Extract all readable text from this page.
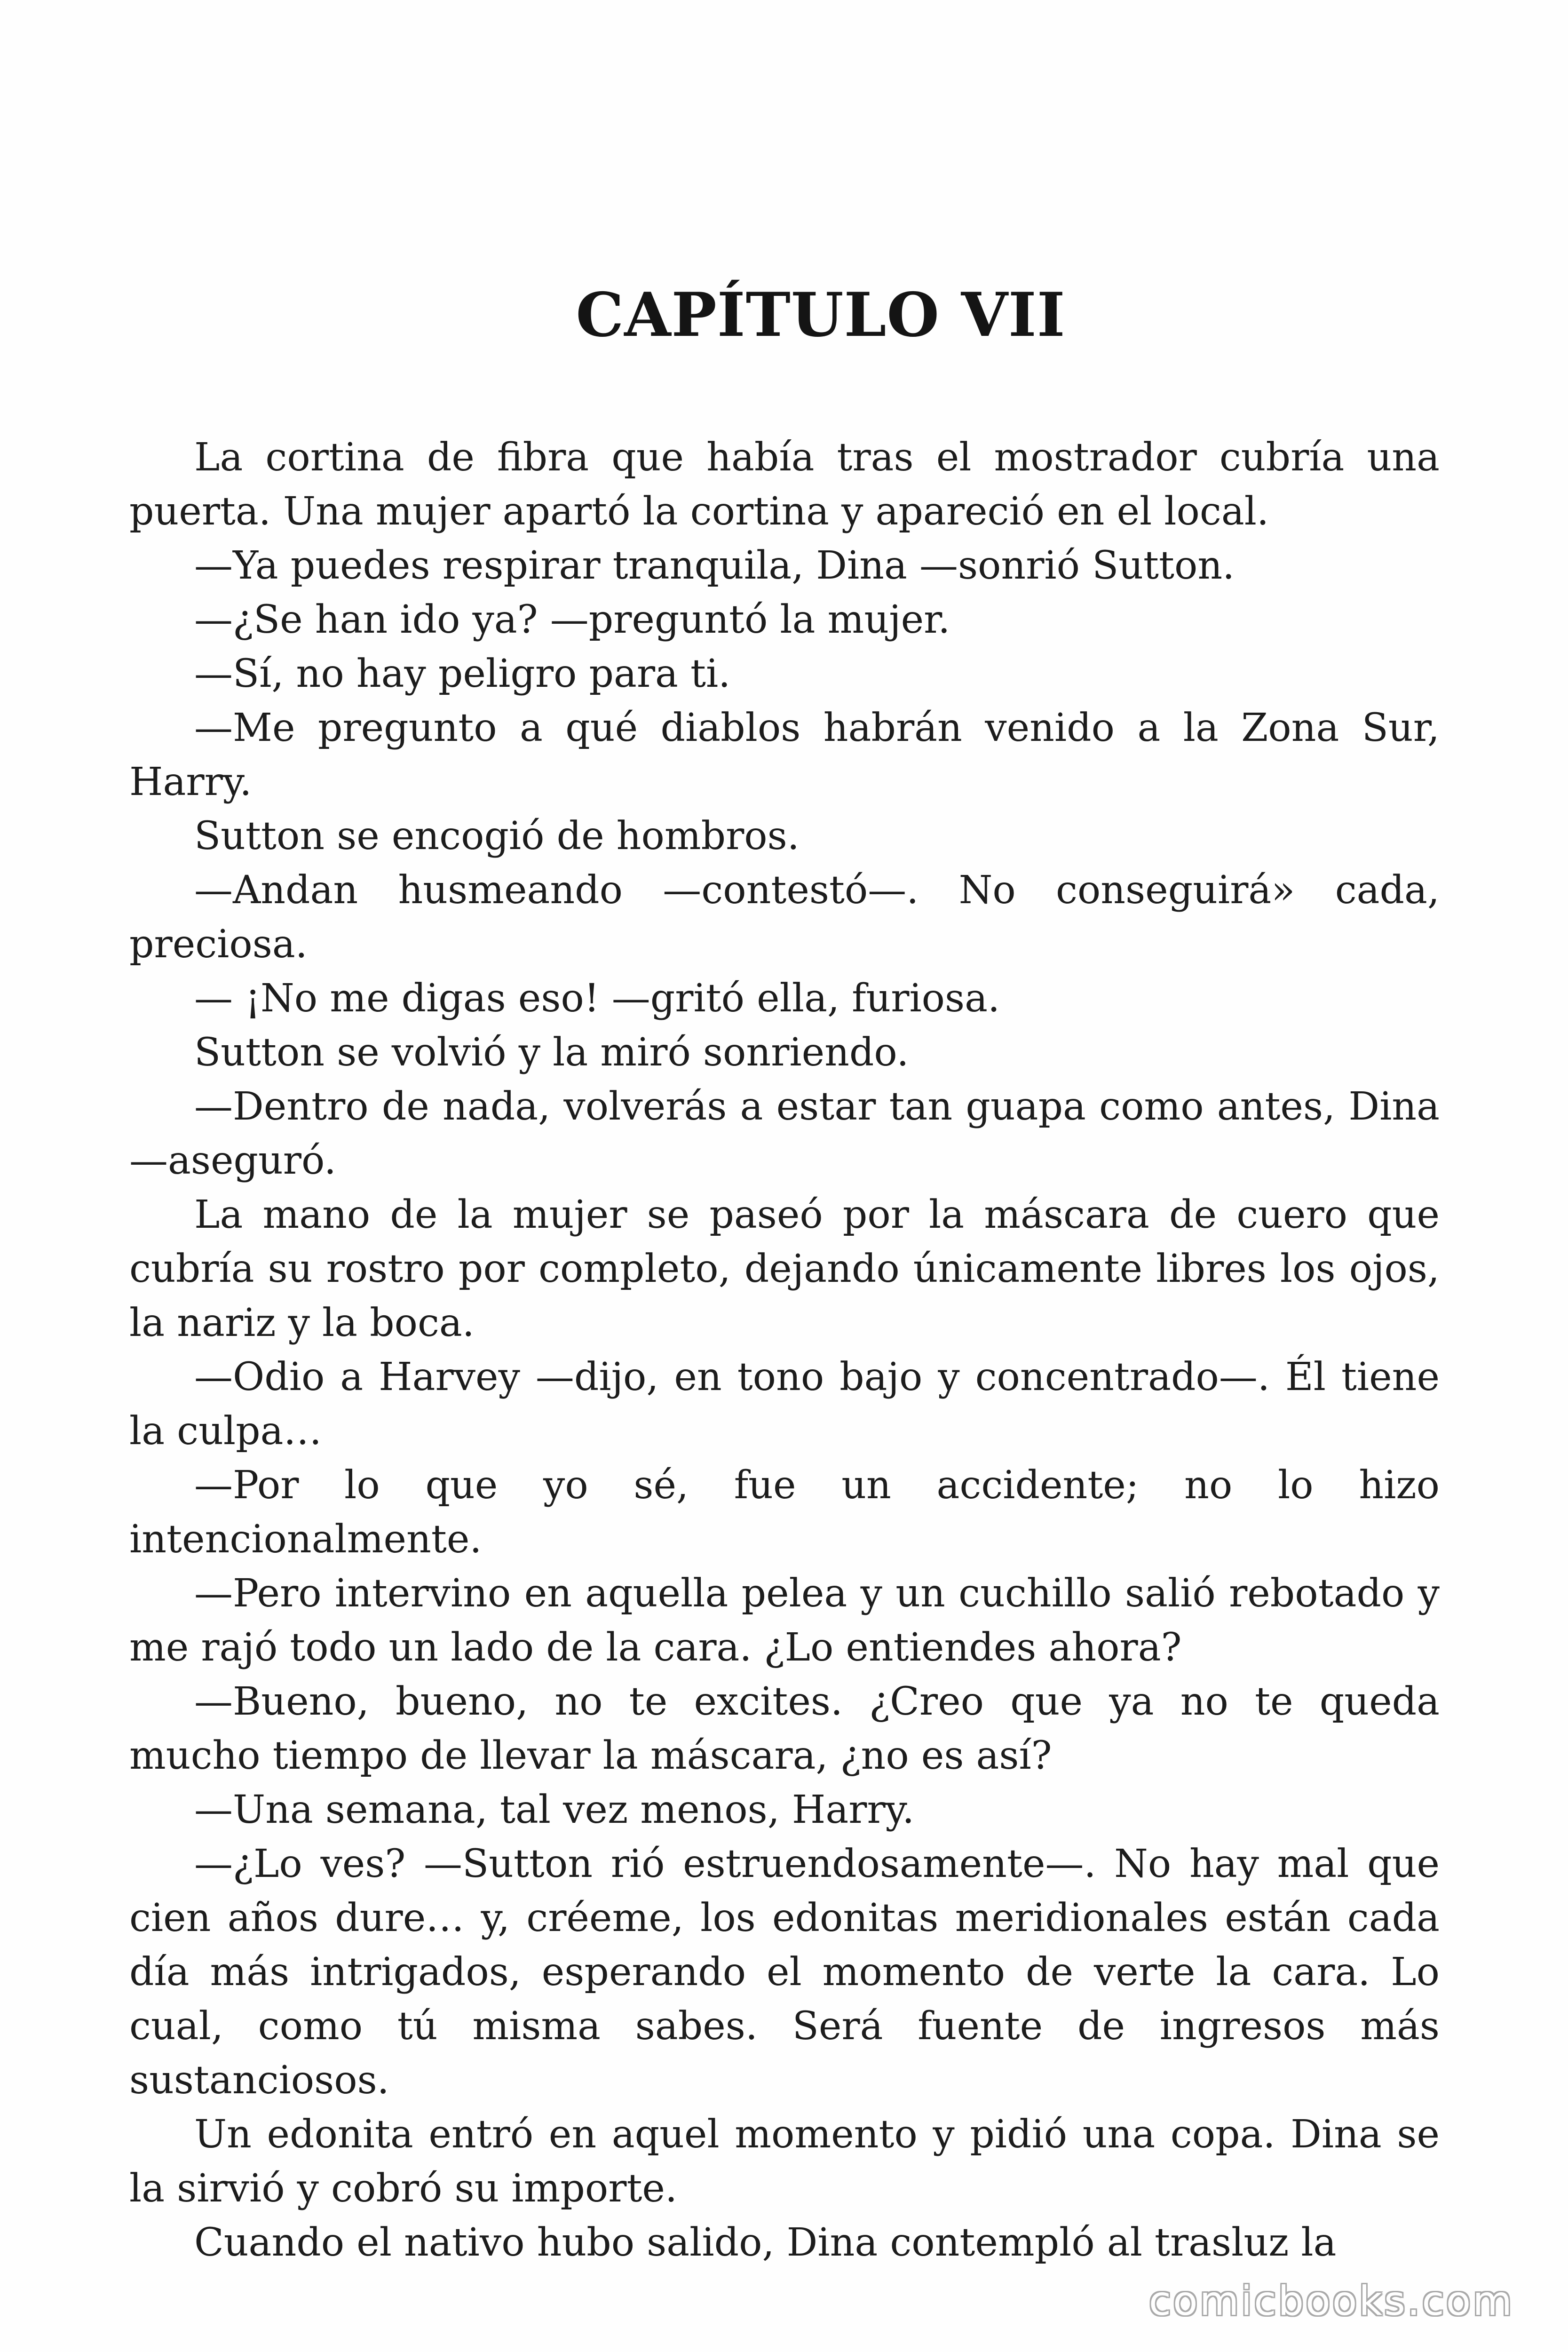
CAPÍTULO VII

La cortina de fibra que había tras el mostrador cubría una puerta. Una mujer apartó la cortina y apareció en el local.

—Ya puedes respirar tranquila, Dina —sonrió Sutton.

—¿Se han ido ya? —preguntó la mujer.

—Sí, no hay peligro para ti.

—Me pregunto a qué diablos habrán venido a la Zona Sur, Harry.

Sutton se encogió de hombros.

—Andan husmeando —contestó—. No conseguirá» cada, preciosa.

— ¡No me digas eso! —gritó ella, furiosa.

Sutton se volvió y la miró sonriendo.

—Dentro de nada, volverás a estar tan guapa como antes, Dina —aseguró.

La mano de la mujer se paseó por la máscara de cuero que cubría su rostro por completo, dejando únicamente libres los ojos, la nariz y la boca.

—Odio a Harvey —dijo, en tono bajo y concentrado—. Él tiene la culpa…

—Por lo que yo sé, fue un accidente; no lo hizo intencionalmente.

—Pero intervino en aquella pelea y un cuchillo salió rebotado y me rajó todo un lado de la cara. ¿Lo entiendes ahora?

—Bueno, bueno, no te excites. ¿Creo que ya no te queda mucho tiempo de llevar la máscara, ¿no es así?

—Una semana, tal vez menos, Harry.

—¿Lo ves? —Sutton rió estruendosamente—. No hay mal que cien años dure… y, créeme, los edonitas meridionales están cada día más intrigados, esperando el momento de verte la cara. Lo cual, como tú misma sabes. Será fuente de ingresos más sustanciosos.

Un edonita entró en aquel momento y pidió una copa. Dina se la sirvió y cobró su importe.

Cuando el nativo hubo salido, Dina contempló al trasluz la

comicbooks.com
